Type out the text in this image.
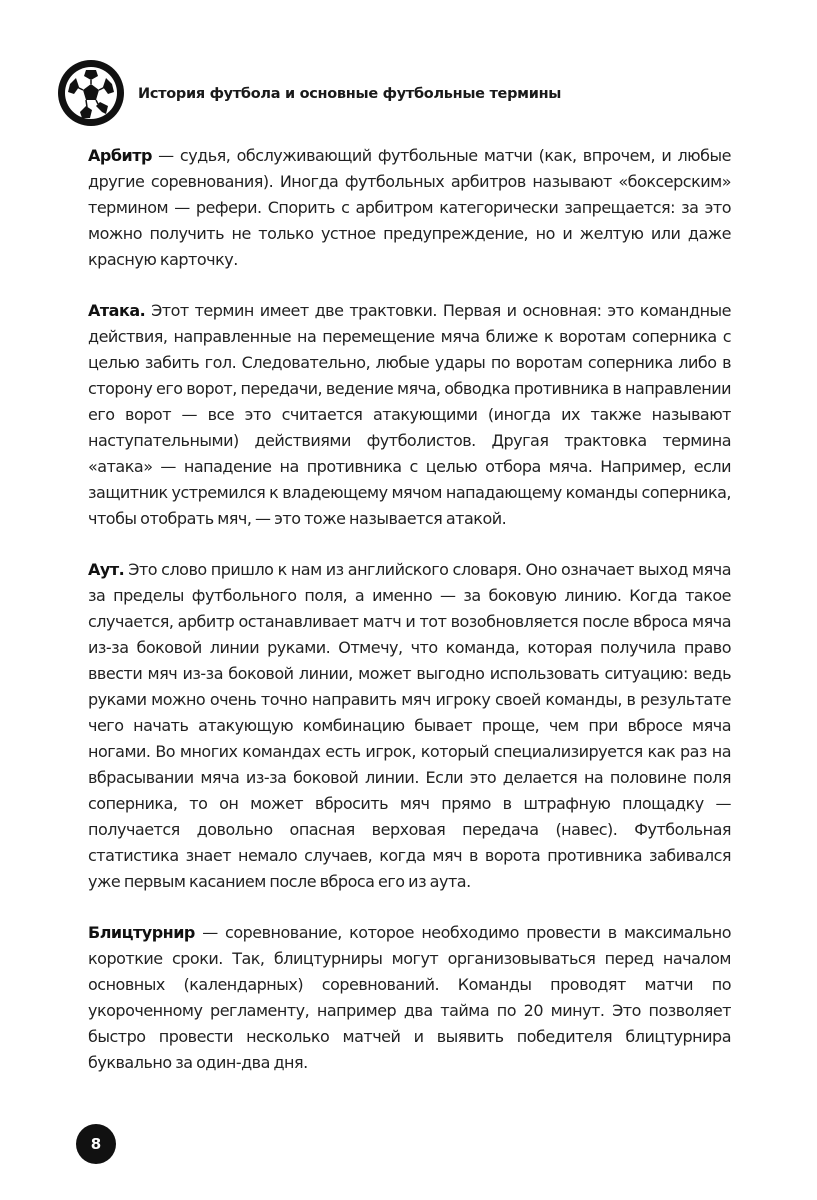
История футбола и основные футбольные термины

Арбитр — судья, обслуживающий футбольные матчи (как, впрочем, и любые другие соревнования). Иногда футбольных арбитров называют «боксерским» термином — рефери. Спорить с арбитром категорически запрещается: за это можно получить не только устное предупреждение, но и желтую или даже красную карточку.

Атака. Этот термин имеет две трактовки. Первая и основная: это командные действия, направленные на перемещение мяча ближе к воротам соперника с целью забить гол. Следовательно, любые удары по воротам соперника либо в сторону его ворот, передачи, ведение мяча, обводка противника в направлении его ворот — все это считается атакующими (иногда их также называют наступательными) действиями футболистов. Другая трактовка термина «атака» — нападение на противника с целью отбора мяча. Например, если защитник устремился к владеющему мячом нападающему команды соперника, чтобы отобрать мяч, — это тоже называется атакой.

Аут. Это слово пришло к нам из английского словаря. Оно означает выход мяча за пределы футбольного поля, а именно — за боковую линию. Когда такое случается, арбитр останавливает матч и тот возобновляется после вброса мяча из-за боковой линии руками. Отмечу, что команда, которая получила право ввести мяч из-за боковой линии, может выгодно использовать ситуацию: ведь руками можно очень точно направить мяч игроку своей команды, в результате чего начать атакующую комбинацию бывает проще, чем при вбросе мяча ногами. Во многих командах есть игрок, который специализируется как раз на вбрасывании мяча из-за боковой линии. Если это делается на половине поля соперника, то он может вбросить мяч прямо в штрафную площадку — получается довольно опасная верховая передача (навес). Футбольная статистика знает немало случаев, когда мяч в ворота противника забивался уже первым касанием после вброса его из аута.

Блицтурнир — соревнование, которое необходимо провести в максимально короткие сроки. Так, блицтурниры могут организовываться перед началом основных (календарных) соревнований. Команды проводят матчи по укороченному регламенту, например два тайма по 20 минут. Это позволяет быстро провести несколько матчей и выявить победителя блицтурнира буквально за один-два дня.

8
